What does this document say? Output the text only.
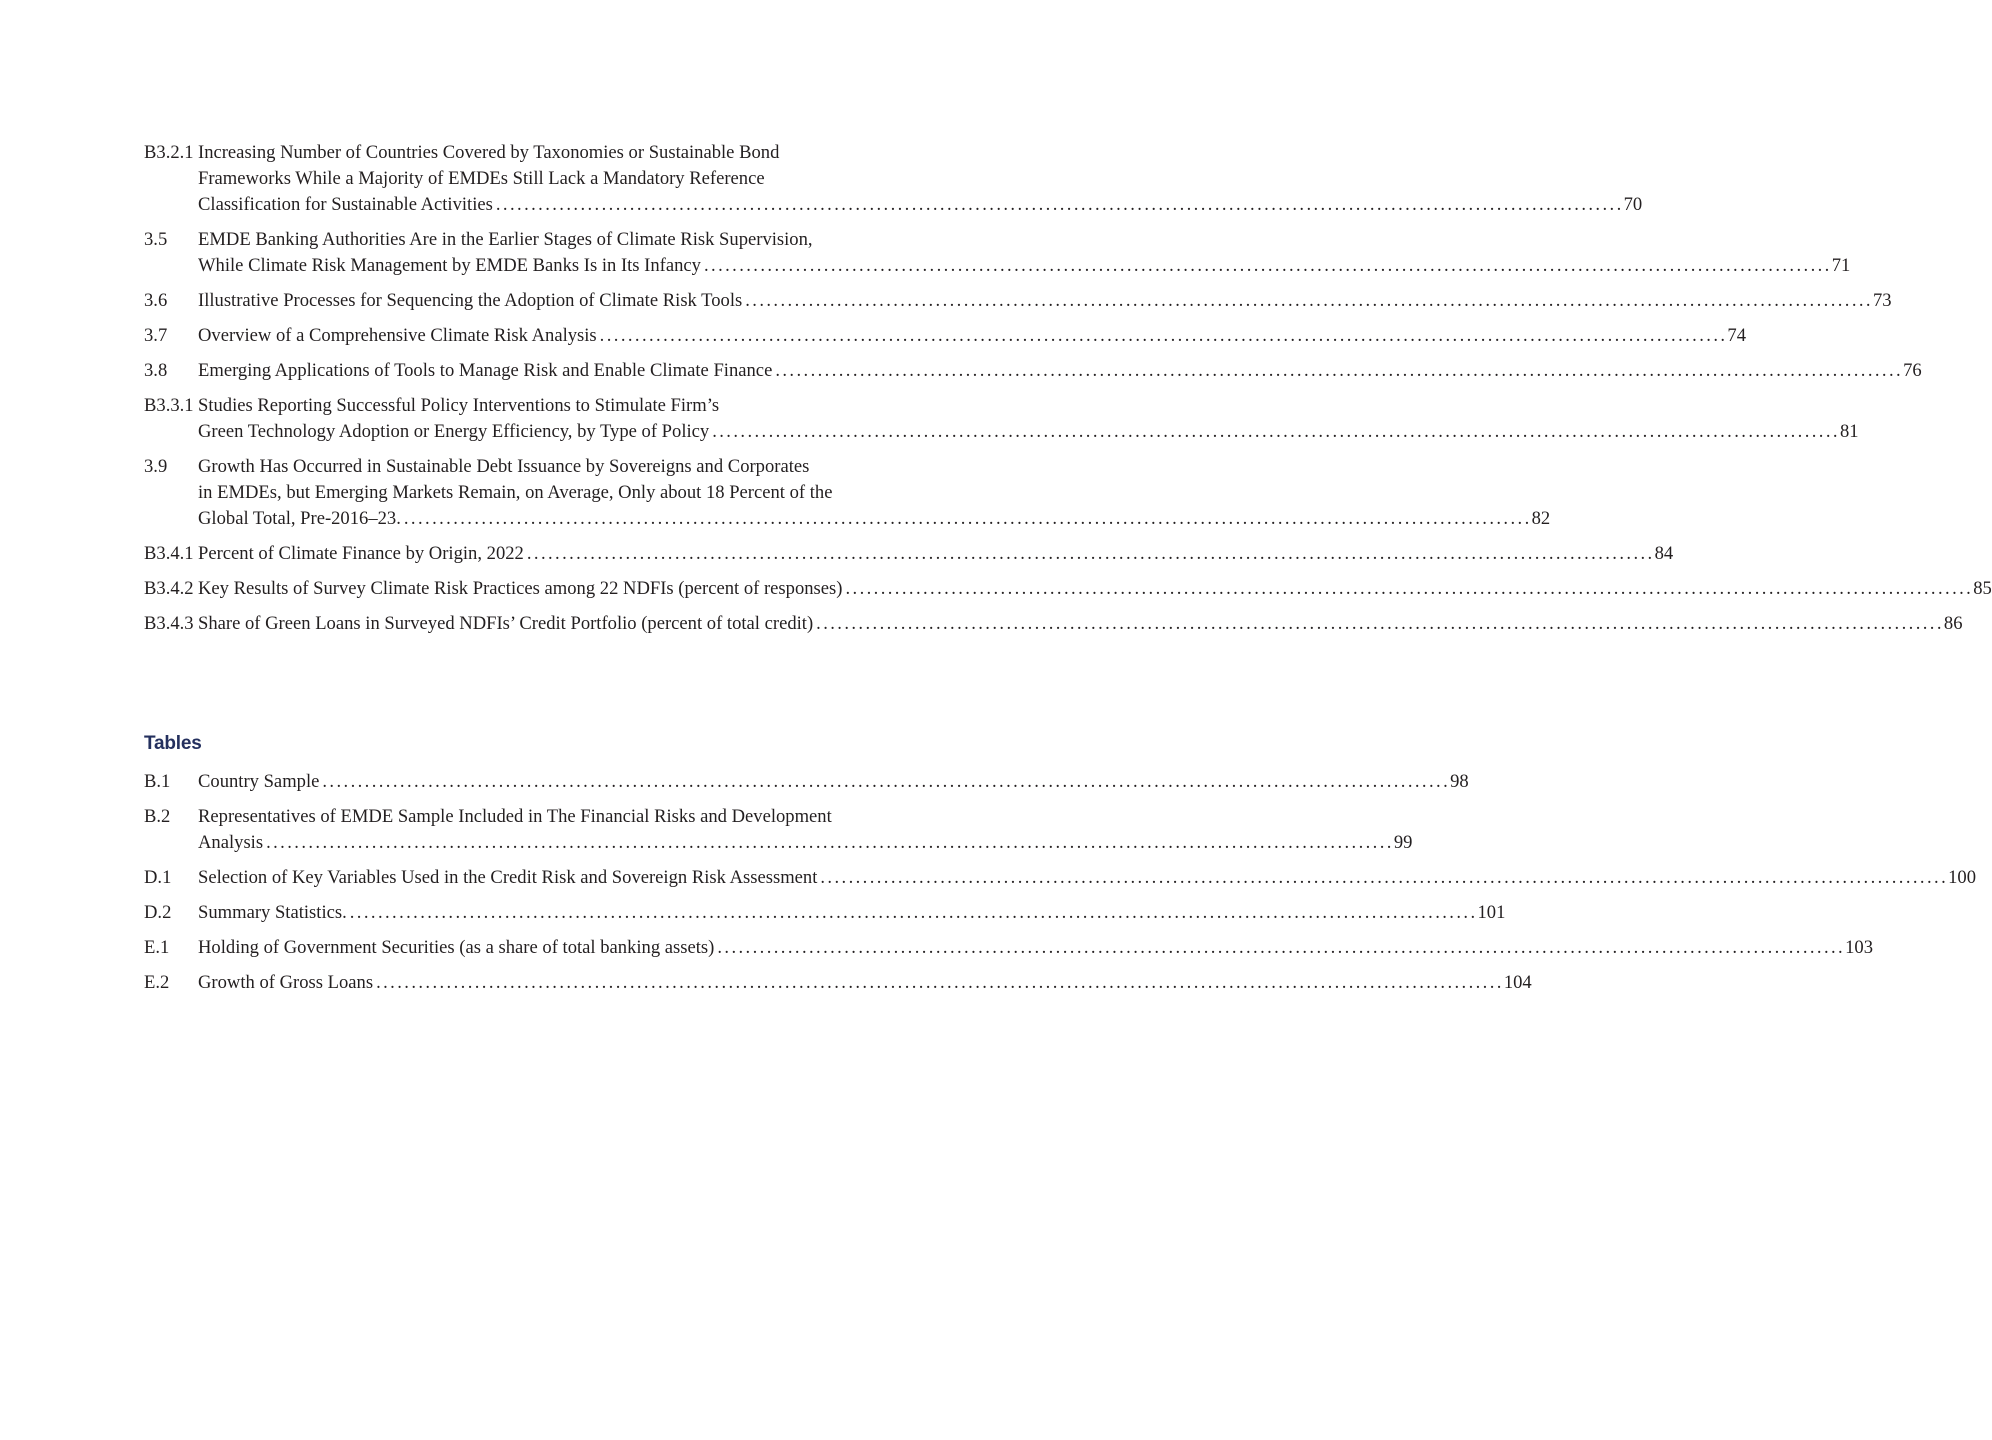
B3.2.1 Increasing Number of Countries Covered by Taxonomies or Sustainable Bond
Frameworks While a Majority of EMDEs Still Lack a Mandatory Reference
Classification for Sustainable Activities ................................................................................................................................................................ 70
3.5	EMDE Banking Authorities Are in the Earlier Stages of Climate Risk Supervision,
While Climate Risk Management by EMDE Banks Is in Its Infancy ................................................................................................................................................................ 71
3.6	Illustrative Processes for Sequencing the Adoption of Climate Risk Tools ................................................................................................................................................................ 73
3.7	Overview of a Comprehensive Climate Risk Analysis ................................................................................................................................................................ 74
3.8	Emerging Applications of Tools to Manage Risk and Enable Climate Finance ................................................................................................................................................................ 76
B3.3.1 Studies Reporting Successful Policy Interventions to Stimulate Firm’s
Green Technology Adoption or Energy Efficiency, by Type of Policy ................................................................................................................................................................ 81
3.9	Growth Has Occurred in Sustainable Debt Issuance by Sovereigns and Corporates
in EMDEs, but Emerging Markets Remain, on Average, Only about 18 Percent of the
Global Total, Pre-2016–23. ................................................................................................................................................................ 82
B3.4.1 Percent of Climate Finance by Origin, 2022 ................................................................................................................................................................ 84
B3.4.2 Key Results of Survey Climate Risk Practices among 22 NDFIs (percent of responses) ................................................................................................................................................................ 85
B3.4.3 Share of Green Loans in Surveyed NDFIs’ Credit Portfolio (percent of total credit) ................................................................................................................................................................ 86
Tables
B.1	Country Sample ................................................................................................................................................................ 98
B.2	Representatives of EMDE Sample Included in The Financial Risks and Development
Analysis ................................................................................................................................................................ 99
D.1	Selection of Key Variables Used in the Credit Risk and Sovereign Risk Assessment ................................................................................................................................................................ 100
D.2	Summary Statistics. ................................................................................................................................................................ 101
E.1	Holding of Government Securities (as a share of total banking assets) ................................................................................................................................................................ 103
E.2	Growth of Gross Loans ................................................................................................................................................................ 104
